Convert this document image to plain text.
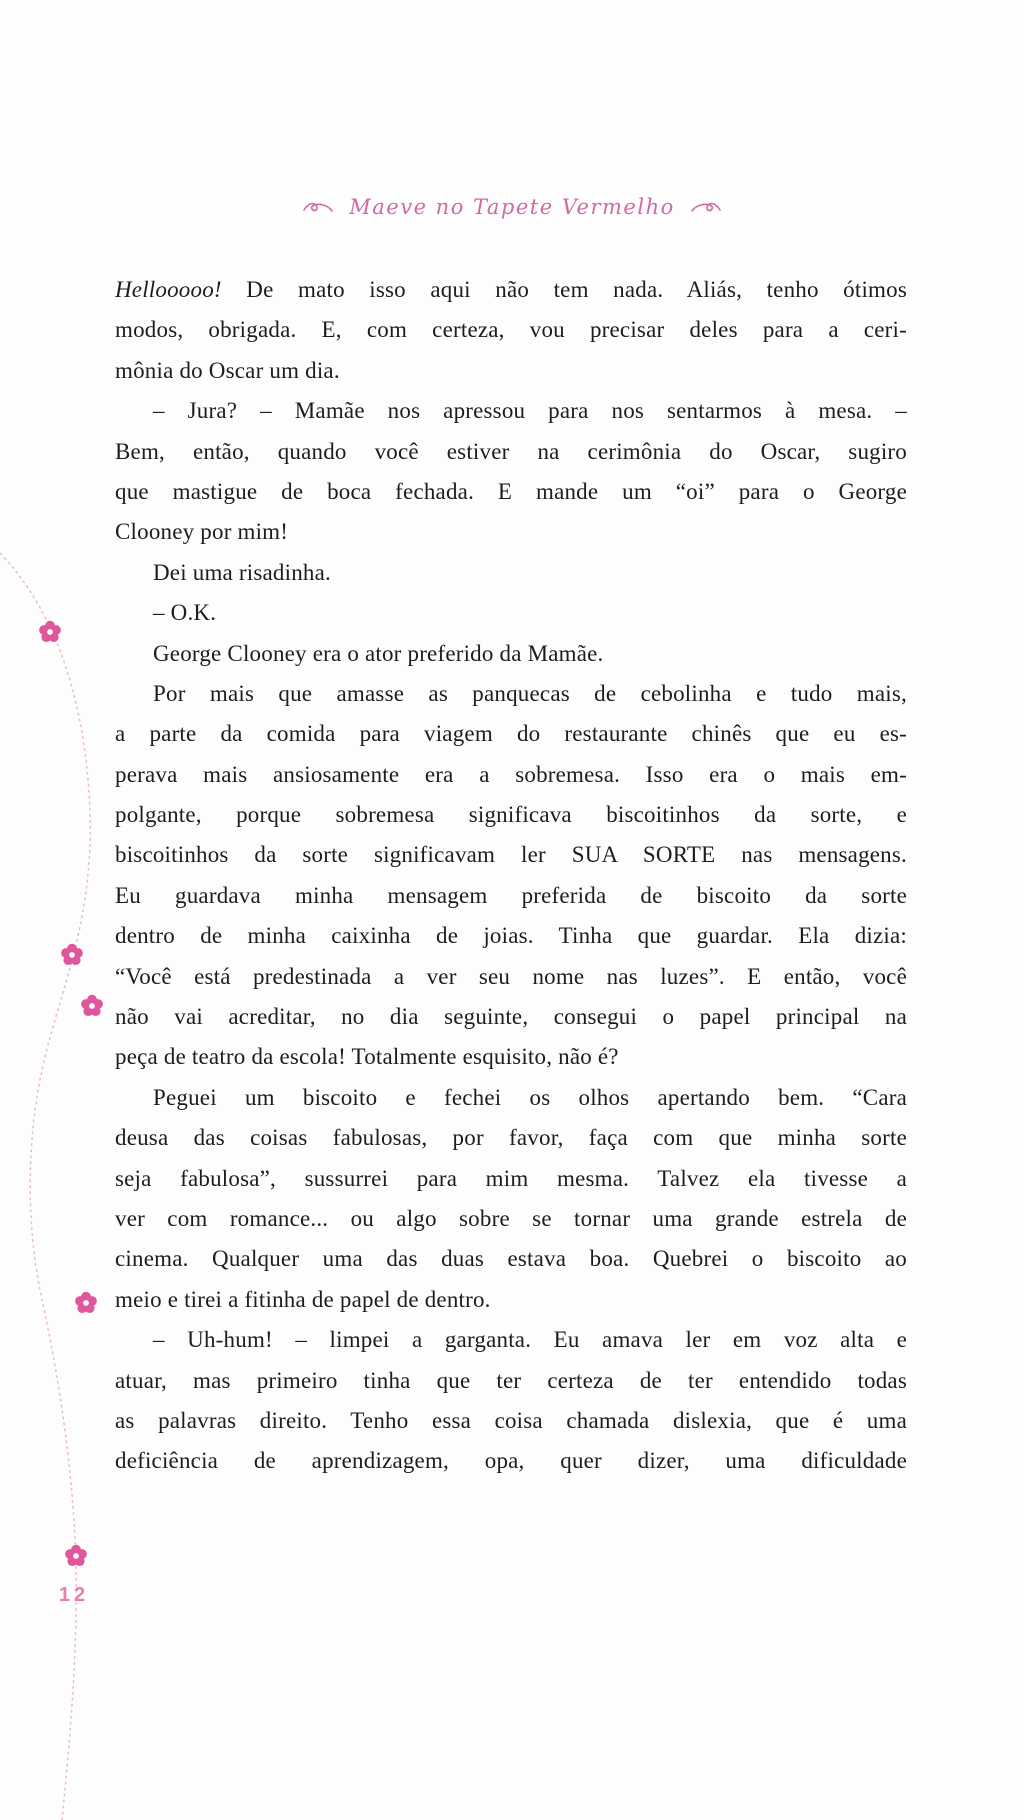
Maeve no Tapete Vermelho
Hellooooo! De mato isso aqui não tem nada. Aliás, tenho ótimos
modos, obrigada. E, com certeza, vou precisar deles para a ceri-
mônia do Oscar um dia.
– Jura? – Mamãe nos apressou para nos sentarmos à mesa. –
Bem, então, quando você estiver na cerimônia do Oscar, sugiro
que mastigue de boca fechada. E mande um “oi” para o George
Clooney por mim!
Dei uma risadinha.
– O.K.
George Clooney era o ator preferido da Mamãe.
Por mais que amasse as panquecas de cebolinha e tudo mais,
a parte da comida para viagem do restaurante chinês que eu es-
perava mais ansiosamente era a sobremesa. Isso era o mais em-
polgante, porque sobremesa significava biscoitinhos da sorte, e
biscoitinhos da sorte significavam ler SUA SORTE nas mensagens.
Eu guardava minha mensagem preferida de biscoito da sorte
dentro de minha caixinha de joias. Tinha que guardar. Ela dizia:
“Você está predestinada a ver seu nome nas luzes”. E então, você
não vai acreditar, no dia seguinte, consegui o papel principal na
peça de teatro da escola! Totalmente esquisito, não é?
Peguei um biscoito e fechei os olhos apertando bem. “Cara
deusa das coisas fabulosas, por favor, faça com que minha sorte
seja fabulosa”, sussurrei para mim mesma. Talvez ela tivesse a
ver com romance... ou algo sobre se tornar uma grande estrela de
cinema. Qualquer uma das duas estava boa. Quebrei o biscoito ao
meio e tirei a fitinha de papel de dentro.
– Uh-hum! – limpei a garganta. Eu amava ler em voz alta e
atuar, mas primeiro tinha que ter certeza de ter entendido todas
as palavras direito. Tenho essa coisa chamada dislexia, que é uma
deficiência de aprendizagem, opa, quer dizer, uma dificuldade
12
